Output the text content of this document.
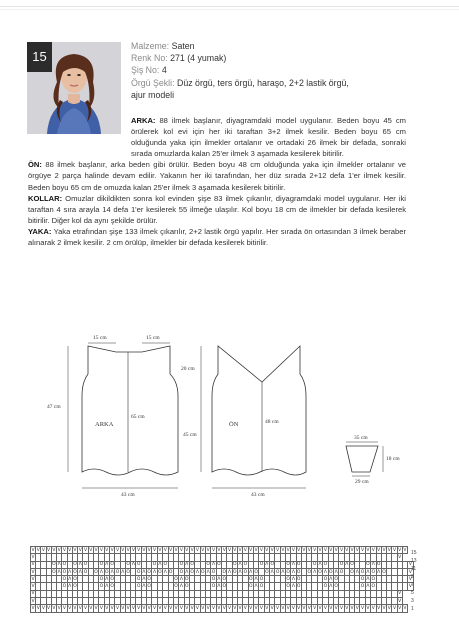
15
Malzeme: Saten
Renk No: 271 (4 yumak)
Şiş No: 4
Örgü Şekli: Düz örgü, ters örgü, haraşo, 2+2 lastik örgü,
ajur modeli

ARKA: 88 ilmek başlanır, diyagramdaki model uygulanır. Beden boyu 45 cm örülerek kol evi için her iki taraftan 3+2 ilmek kesilir. Beden boyu 65 cm olduğunda yaka için ilmekler ortalanır ve ortadaki 26 ilmek bir defada, sonraki sırada omuzlarda kalan 25'er ilmek 3 aşamada kesilerek bitirilir.

ÖN: 88 ilmek başlanır, arka beden gibi örülür. Beden boyu 48 cm olduğunda yaka için ilmekler ortalanır ve örgüye 2 parça halinde devam edilir. Yakanın her iki tarafından, her düz sırada 2+12 defa 1'er ilmek kesilir. Beden boyu 65 cm de omuzda kalan 25'er ilmek 3 aşamada kesilerek bitirilir.

KOLLAR: Omuzlar dikildikten sonra kol evinden şişe 83 ilmek çıkarılır, diyagramdaki model uygulanır. Her iki taraftan 4 sıra arayla 14 defa 1'er kesilerek 55 ilmeğe ulaşılır. Kol boyu 18 cm de ilmekler bir defada kesilerek bitirilir. Diğer kol da aynı şekilde örülür.

YAKA: Yaka etrafından şişe 133 ilmek çıkarılır, 2+2 lastik örgü yapılır. Her sırada ön ortasından 3 ilmek beraber alınarak 2 ilmek kesilir. 2 cm örülüp, ilmekler bir defada kesilerek bitirilir.

15 cm	15 cm
ARKA
65 cm
47 cm
43 cm
20 cm
ÖN	48 cm
45 cm
43 cm
35 cm
18 cm
29 cm
V	V	V	V	V	V	V	V	V	V	V	V	V	V	V	V	V	V	V	V	V	V	V	V	V	V	V	V	V	V	V	V	V	V	V	V	V	V	V	V	V	V	V	V	V	V	V	V	V	V	V	V	V	V	V	V	V	V	V	V	V	V	V	V	V	V	V	V	V	V	V
V																																																																					V
V				O	Λ	O		O	Λ	O			O	Λ	O			O	Λ	O			O	Λ	O			O	Λ	O			O	Λ	O			O	Λ	O			O	Λ	O			O	Λ	O			O	Λ	O			O	Λ	O			O	Λ	O						V
V				O	Λ	O	Λ	O	Λ	O		O	Λ	O	Λ	O	Λ	O		O	Λ	O	Λ	O	Λ	O		O	Λ	O	Λ	O	Λ	O		O	Λ	O	Λ	O	Λ	O		O	Λ	O	Λ	O	Λ	O		O	Λ	O	Λ	O	Λ	O		O	Λ	O	Λ	O	Λ	O					V
V						O	Λ	O					O	Λ	O					O	Λ	O					O	Λ	O					O	Λ	O					O	Λ	O					O	Λ	O					O	Λ	O					O	Λ	O							V
V						O	Λ	O					O	Λ	O					O	Λ	O					O	Λ	O					O	Λ	O					O	Λ	O					O	Λ	O					O	Λ	O					O	Λ	O							V
V																																																																					V
V																																																																					V
V	V	V	V	V	V	V	V	V	V	V	V	V	V	V	V	V	V	V	V	V	V	V	V	V	V	V	V	V	V	V	V	V	V	V	V	V	V	V	V	V	V	V	V	V	V	V	V	V	V	V	V	V	V	V	V	V	V	V	V	V	V	V	V	V	V	V	V	V	V	V
15
13
11
9
7
5
3
1
